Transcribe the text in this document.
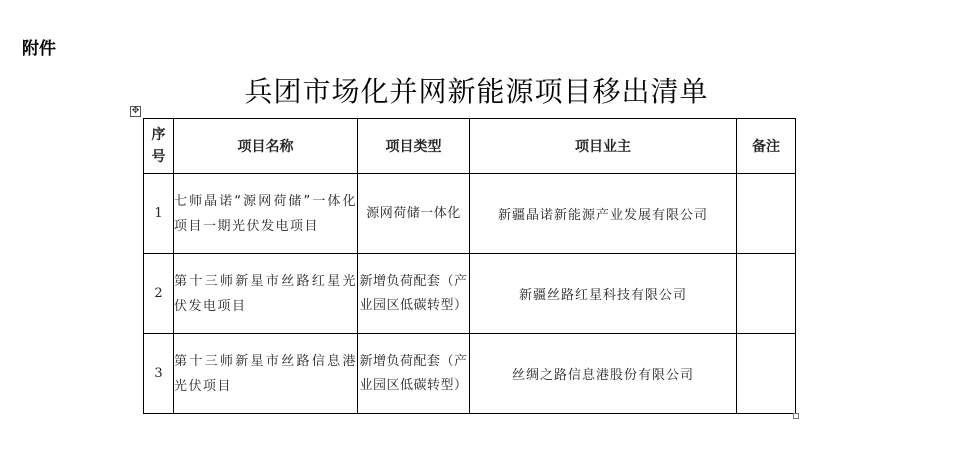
附件
兵团市场化并网新能源项目移出清单
✥
序号	项目名称	项目类型	项目业主	备注
1	七师晶诺“源网荷储”一体化项目一期光伏发电项目	源网荷储一体化	新疆晶诺新能源产业发展有限公司	
2	第十三师新星市丝路红星光伏发电项目	新增负荷配套（产业园区低碳转型）	新疆丝路红星科技有限公司	
3	第十三师新星市丝路信息港光伏项目	新增负荷配套（产业园区低碳转型）	丝绸之路信息港股份有限公司	
